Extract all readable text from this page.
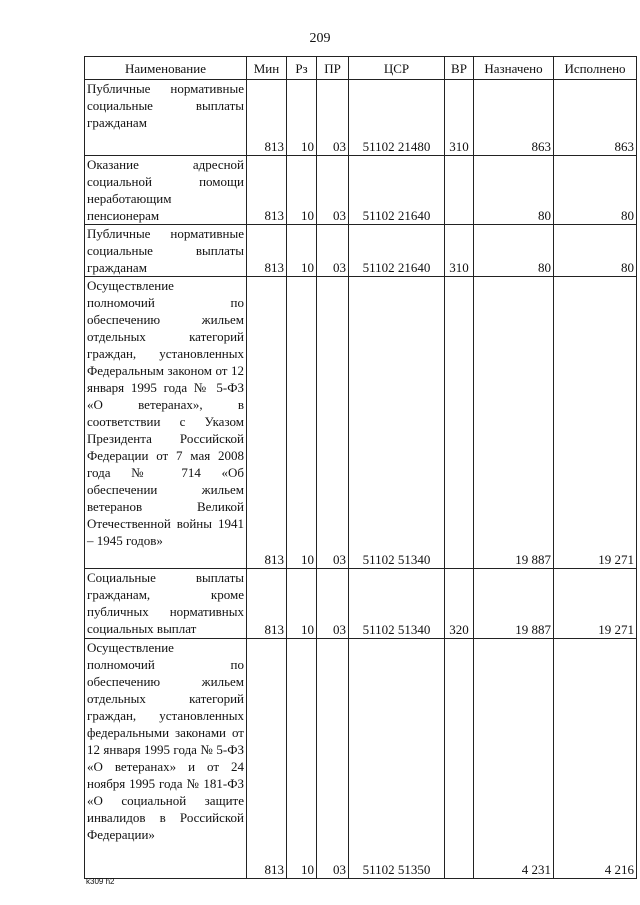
209
Наименование	Мин	Рз	ПР	ЦСР	ВР	Назначено	Исполнено
Публичные нормативные социальные выплаты гражданам	813	10	03	51102 21480	310	863	863
Оказание адресной социальной помощи неработающим пенсионерам	813	10	03	51102 21640		80	80
Публичные нормативные социальные выплаты гражданам	813	10	03	51102 21640	310	80	80
Осуществление полномочий по обеспечению жильем отдельных категорий граждан, установленных Федеральным законом от 12 января 1995 года № 5-ФЗ «О ветеранах», в соответствии с Указом Президента Российской Федерации от 7 мая 2008 года № 714 «Об обеспечении жильем ветеранов Великой Отечественной войны 1941 – 1945 годов»	813	10	03	51102 51340		19 887	19 271
Социальные выплаты гражданам, кроме публичных нормативных социальных выплат	813	10	03	51102 51340	320	19 887	19 271
Осуществление полномочий по обеспечению жильем отдельных категорий граждан, установленных федеральными законами от 12 января 1995 года № 5-ФЗ «О ветеранах» и от 24 ноября 1995 года № 181-ФЗ «О социальной защите инвалидов в Российской Федерации»	813	10	03	51102 51350		4 231	4 216
k309 h2
